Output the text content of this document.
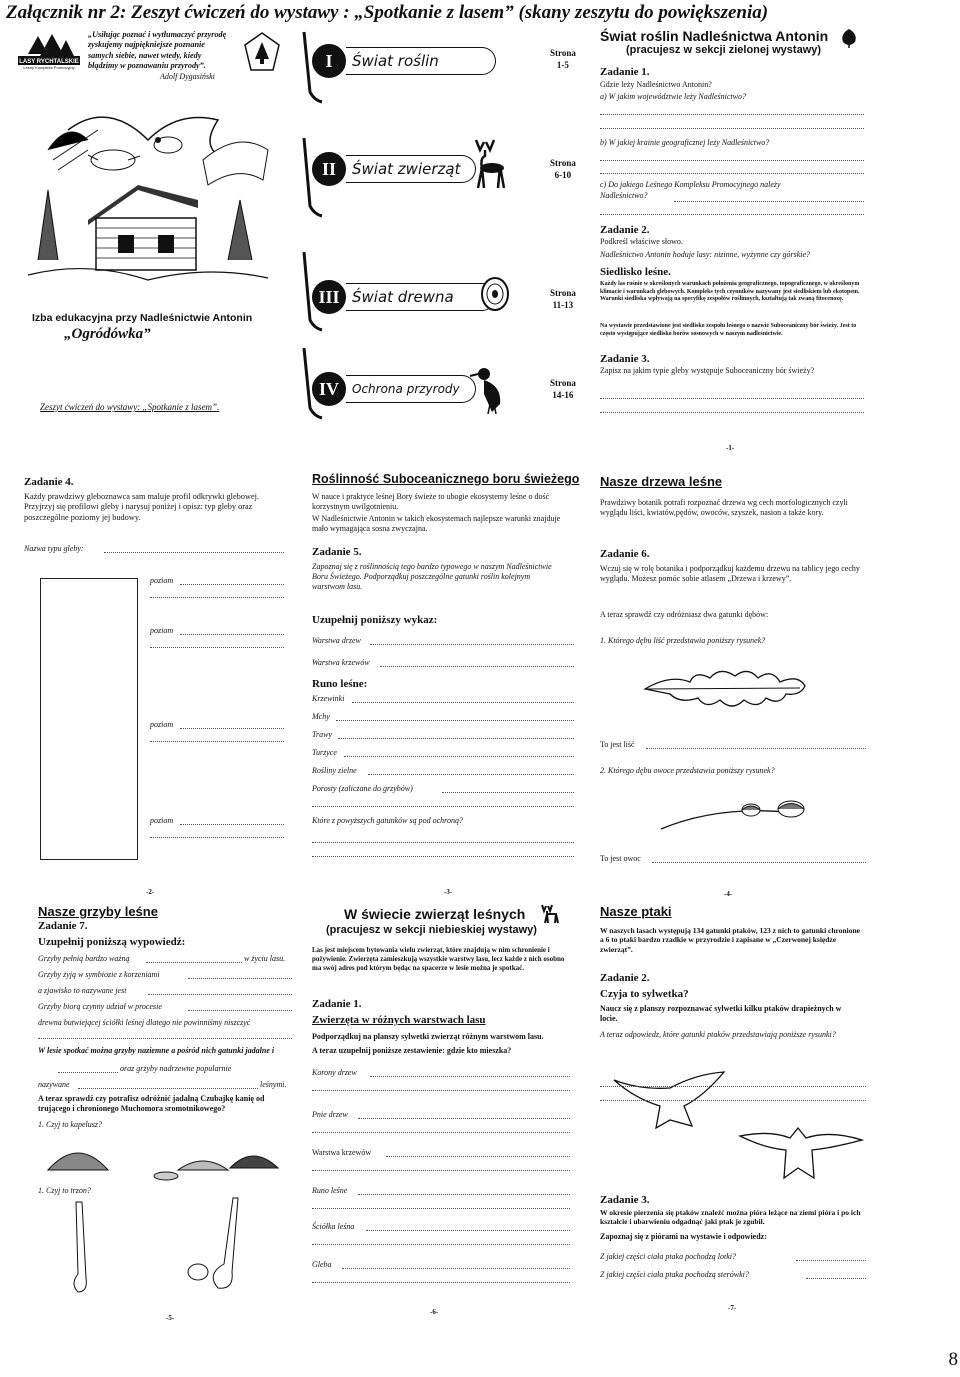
Załącznik nr 2: Zeszyt ćwiczeń do wystawy : „Spotkanie z lasem” (skany zeszytu do powiększenia)
LASY RYCHTALSKIE
Leśny Kompleks Promocyjny
„Usiłując poznać i wytłumaczyć przyrodę
zyskujemy najpiękniejsze poznanie
samych siebie, nawet wtedy, kiedy
błądzimy w poznawaniu przyrody”.
Adolf Dygasiński
Izba edukacyjna przy Nadleśnictwie Antonin
„Ogródówka”
Zeszyt ćwiczeń do wystawy: „Spotkanie z lasem”.
I	Świat roślin	Strona
1-5
II	Świat zwierząt	Strona
6-10
III Świat drewna	Strona
11-13
IV	Ochrona przyrody	Strona
14-16
Świat roślin Nadleśnictwa Antonin
(pracujesz w sekcji zielonej wystawy)
Zadanie 1.
Gdzie leży Nadleśnictwo Antonin?
a) W jakim województwie leży Nadleśnictwo?
b) W jakiej krainie geograficznej leży Nadleśnictwo?
c) Do jakiego Leśnego Kompleksu Promocyjnego należy
Nadleśnictwo?
Zadanie 2.
Podkreśl właściwe słowo.
Nadleśnictwo Antonin hoduje lasy: nizinne, wyżynne czy górskie?
Siedlisko leśne.
Każdy las rośnie w określonych warunkach położenia geograficznego, topograficznego, w określonym klimacie i warunkach glebowych. Kompleks tych czynników nazywany jest siedliskiem lub ekotopem. Warunki siedliska wpływają na specyfikę zespołów roślinnych, kształtują tak zwaną fitocenozę.
Na wystawie przedstawione jest siedlisko zespołu leśnego o nazwie Suboceaniczny bór świeży. Jest to często występujące siedlisko borów sosnowych w naszym nadleśnictwie.
Zadanie 3.
Zapisz na jakim typie gleby występuje Suboceaniczny bór świeży?
-1-
Zadanie 4.
Każdy prawdziwy gleboznawca sam maluje profil odkrywki glebowej. Przyjrzyj się profilowi gleby i narysuj poniżej i opisz: typ gleby oraz poszczególne poziomy jej budowy.
Nazwa typu gleby:
poziom
poziom
poziom
poziom
-2-
Roślinność Suboceanicznego boru świeżego
W nauce i praktyce leśnej Bory świeże to ubogie ekosystemy leśne o dość korzystnym uwilgotnieniu.
W Nadleśnictwie Antonin w takich ekosystemach najlepsze warunki znajduje mało wymagająca sosna zwyczajna.
Zadanie 5.
Zapoznaj się z roślinnością tego bardzo typowego w naszym Nadleśnictwie Boru Świeżego. Podporządkuj poszczególne gatunki roślin kolejnym warstwom lasu.
Uzupełnij poniższy wykaz:
Warstwa drzew
Warstwa krzewów
Runo leśne:
Krzewinki
Mchy
Trawy
Turzyce
Rośliny zielne
Porosty (zaliczane do grzybów)
Które z powyższych gatunków są pod ochroną?
-3-
Nasze drzewa leśne
Prawdziwy botanik potrafi rozpoznać drzewa wg cech morfologicznych czyli wyglądu liści, kwiatów,pędów, owoców, szyszek, nasion a także kory.
Zadanie 6.
Wczuj się w rolę botanika i podporządkuj każdemu drzewu na tablicy jego cechy wyglądu. Możesz pomóc sobie atlasem „Drzewa i krzewy”.
A teraz sprawdź czy odróżniasz dwa gatunki dębów:
1. Którego dębu liść przedstawia poniższy rysunek?
To jest liść
2. Którego dębu owoce przedstawia poniższy rysunek?
To jest owoc
-4-
Nasze grzyby leśne
Zadanie 7.
Uzupełnij poniższą wypowiedź:
Grzyby pełnią bardzo ważną	w życiu lasu.
Grzyby żyją w symbiozie z korzeniami
a zjawisko to nazywane jest
Grzyby biorą czynny udział w procesie
drewna butwiejącej ściółki leśnej dlatego nie powinniśmy niszczyć
W lesie spotkać można grzyby naziemne a pośród nich gatunki jadalne i
oraz grzyby nadrzewne popularnie
nazywane	leśnymi.
A teraz sprawdź czy potrafisz odróżnić jadalną Czubajkę kanię od trującego i chronionego Muchomora sromotnikowego?
1. Czyj to kapelusz?
1. Czyj to trzon?
-5-
W świecie zwierząt leśnych
(pracujesz w sekcji niebieskiej wystawy)
Las jest miejscem bytowania wielu zwierząt, które znajdują w nim schronienie i pożywienie. Zwierzęta zamieszkują wszystkie warstwy lasu, lecz każde z nich osobno ma swój adres pod którym będąc na spacerze w lesie można je spotkać.
Zadanie 1.
Zwierzęta w różnych warstwach lasu
Podporządkuj na planszy sylwetki zwierząt różnym warstwom lasu.
A teraz uzupełnij poniższe zestawienie: gdzie kto mieszka?
Korony drzew
Pnie drzew
Warstwa krzewów
Runo leśne
Ściółka leśna
Gleba
-6-
Nasze ptaki
W naszych lasach występują 134 gatunki ptaków, 123 z nich to gatunki chronione a 6 to ptaki bardzo rzadkie w przyrodzie i zapisane w „Czerwonej księdze zwierząt”.
Zadanie 2.
Czyja to sylwetka?
Naucz się z planszy rozpoznawać sylwetki kilku ptaków drapieżnych w locie.
A teraz odpowiedz, które gatunki ptaków przedstawiają poniższe rysunki?
Zadanie 3.
W okresie pierzenia się ptaków znaleźć można pióra leżące na ziemi pióra i po ich kształcie i ubarwieniu odgadnąć jaki ptak je zgubił.
Zapoznaj się z piórami na wystawie i odpowiedz:
Z jakiej części ciała ptaka pochodzą lotki?
Z jakiej części ciała ptaka pochodzą sterówki?
-7-
8
